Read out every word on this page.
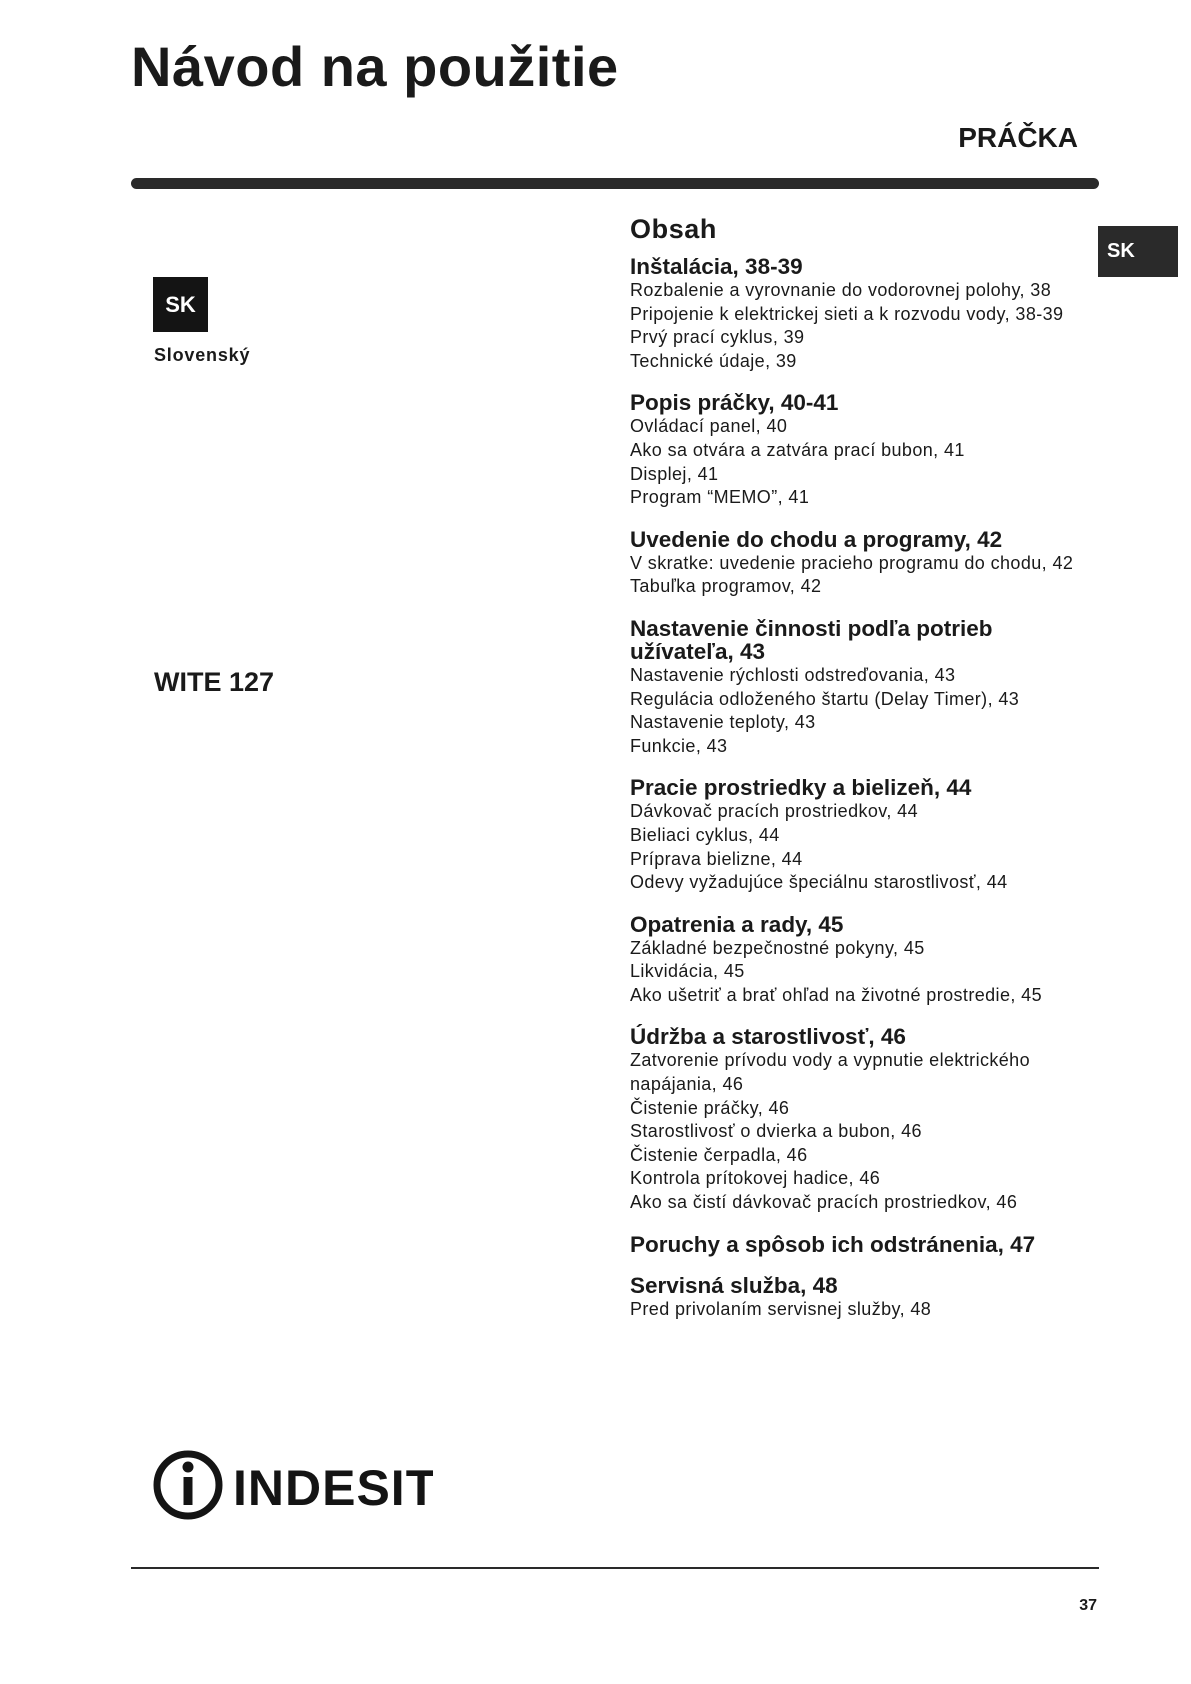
Návod na použitie
PRÁČKA
SK
SK
Slovenský
WITE 127
Obsah
Inštalácia, 38-39
Rozbalenie a vyrovnanie do vodorovnej polohy, 38
Pripojenie k elektrickej sieti a k rozvodu vody, 38-39
Prvý prací cyklus, 39
Technické údaje, 39
Popis práčky, 40-41
Ovládací panel, 40
Ako sa otvára a zatvára prací bubon, 41
Displej, 41
Program “MEMO”, 41
Uvedenie do chodu a programy, 42
V skratke: uvedenie pracieho programu do chodu, 42
Tabuľka programov, 42
Nastavenie činnosti podľa potrieb užívateľa, 43
Nastavenie rýchlosti odstreďovania, 43
Regulácia odloženého štartu (Delay Timer), 43
Nastavenie teploty, 43
Funkcie, 43
Pracie prostriedky a bielizeň, 44
Dávkovač pracích prostriedkov, 44
Bieliaci cyklus, 44
Príprava bielizne, 44
Odevy vyžadujúce špeciálnu starostlivosť, 44
Opatrenia a rady, 45
Základné bezpečnostné pokyny, 45
Likvidácia, 45
Ako ušetriť a brať ohľad na životné prostredie, 45
Údržba a starostlivosť, 46
Zatvorenie prívodu vody a vypnutie elektrického napájania, 46
Čistenie práčky, 46
Starostlivosť o dvierka a bubon, 46
Čistenie čerpadla, 46
Kontrola prítokovej hadice, 46
Ako sa čistí dávkovač pracích prostriedkov, 46
Poruchy a spôsob ich odstránenia, 47
Servisná služba, 48
Pred privolaním servisnej služby, 48
INDESIT
37
